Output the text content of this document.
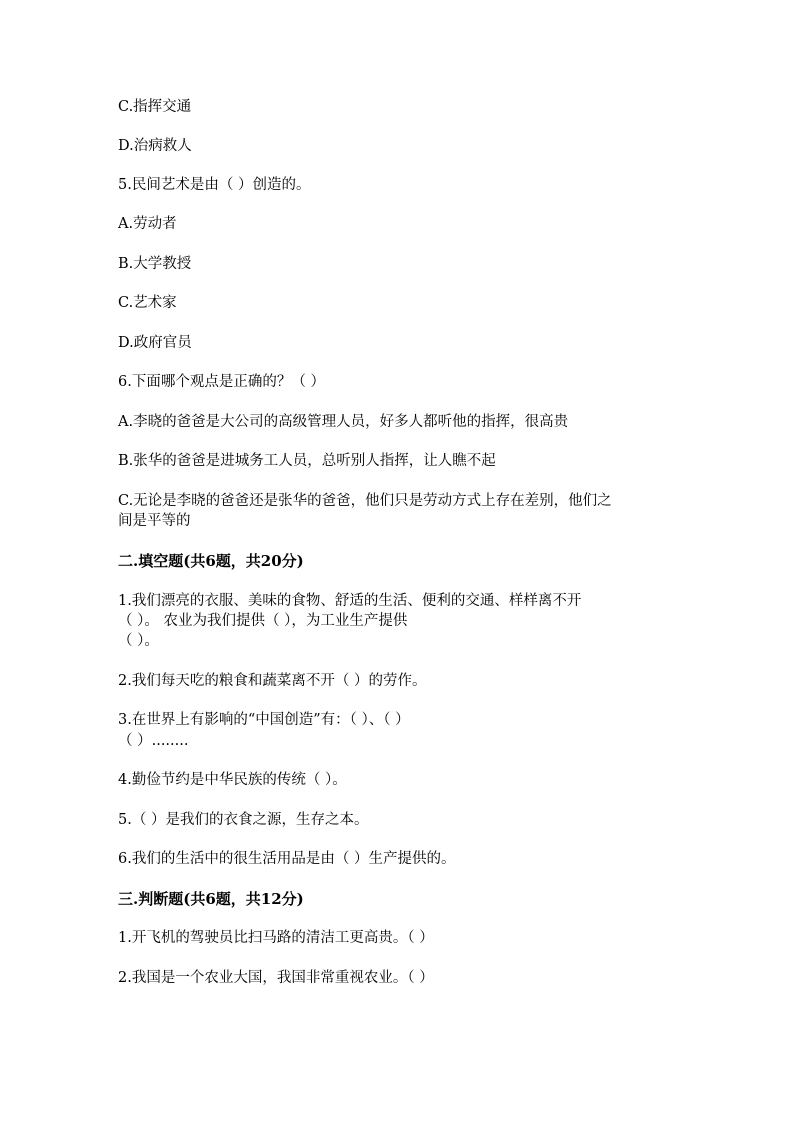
C.指挥交通
D.治病救人
5.民间艺术是由（ ）创造的。
A.劳动者
B.大学教授
C.艺术家
D.政府官员
6.下面哪个观点是正确的？（ ）
A.李晓的爸爸是大公司的高级管理人员，好多人都听他的指挥，很高贵
B.张华的爸爸是进城务工人员，总听别人指挥，让人瞧不起
C.无论是李晓的爸爸还是张华的爸爸，他们只是劳动方式上存在差别，他们之
间是平等的
二.填空题(共6题，共20分)
1.我们漂亮的衣服、美味的食物、舒适的生活、便利的交通、样样离不开
（ ）。 农业为我们提供（ ），为工业生产提供
（ ）。
2.我们每天吃的粮食和蔬菜离不开（ ）的劳作。
3.在世界上有影响的“中国创造”有：（ ）、（ ）
（ ）........
4.勤俭节约是中华民族的传统（ ）。
5.（ ）是我们的衣食之源，生存之本。
6.我们的生活中的很生活用品是由（ ）生产提供的。
三.判断题(共6题，共12分)
1.开飞机的驾驶员比扫马路的清洁工更高贵。（ ）
2.我国是一个农业大国，我国非常重视农业。（ ）
